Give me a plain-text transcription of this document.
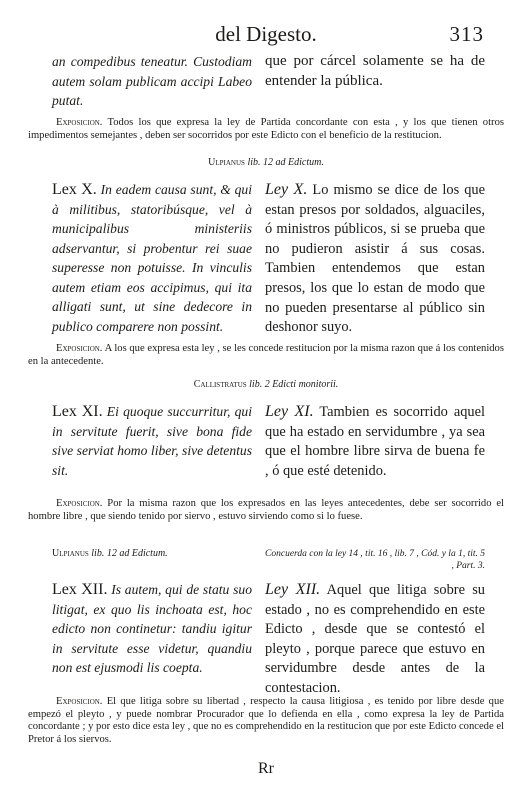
del Digesto.	313
an compedibus teneatur. Custodiam autem solam publicam accipi Labeo putat.
que por cárcel solamente se ha de entender la pública.
Exposicion. Todos los que expresa la ley de Partida concordante con esta , y los que tienen otros impedimentos semejantes , deben ser socorridos por este Edicto con el beneficio de la restitucion.
Ulpianus lib. 12 ad Edictum.
Lex X. In eadem causa sunt, & qui à militibus, statoribúsque, vel à municipalibus ministeriis adservantur, si probentur rei suae superesse non potuisse. In vinculis autem etiam eos accipimus, qui ita alligati sunt, ut sine dedecore in publico comparere non possint.
Ley X. Lo mismo se dice de los que estan presos por soldados, alguaciles, ó ministros públicos, si se prueba que no pudieron asistir á sus cosas. Tambien entendemos que estan presos, los que lo estan de modo que no pueden presentarse al público sin deshonor suyo.
Exposicion. A los que expresa esta ley , se les concede restitucion por la misma razon que á los contenidos en la antecedente.
Callistratus lib. 2 Edicti monitorii.
Lex XI. Ei quoque succurritur, qui in servitute fuerit, sive bona fide sive serviat homo liber, sive detentus sit.
Ley XI. Tambien es socorrido aquel que ha estado en servidumbre , ya sea que el hombre libre sirva de buena fe , ó que esté detenido.
Exposicion. Por la misma razon que los expresados en las leyes antecedentes, debe ser socorrido el hombre libre , que siendo tenido por siervo , estuvo sirviendo como si lo fuese.
Ulpianus lib. 12 ad Edictum.	Concuerda con la ley 14 , tit. 16 , lib. 7 , Cód. y la 1, tit. 5 , Part. 3.
Lex XII. Is autem, qui de statu suo litigat, ex quo lis inchoata est, hoc edicto non continetur: tandiu igitur in servitute esse videtur, quandiu non est ejusmodi lis coepta.
Ley XII. Aquel que litiga sobre su estado , no es comprehendido en este Edicto , desde que se contestó el pleyto , porque parece que estuvo en servidumbre desde antes de la contestacion.
Exposicion. El que litiga sobre su libertad , respecto la causa litigiosa , es tenido por libre desde que empezó el pleyto , y puede nombrar Procurador que lo defienda en ella , como expresa la ley de Partida concordante ; y por esto dice esta ley , que no es comprehendido en la restitucion que por este Edicto concede el Pretor á los siervos.
Rr
